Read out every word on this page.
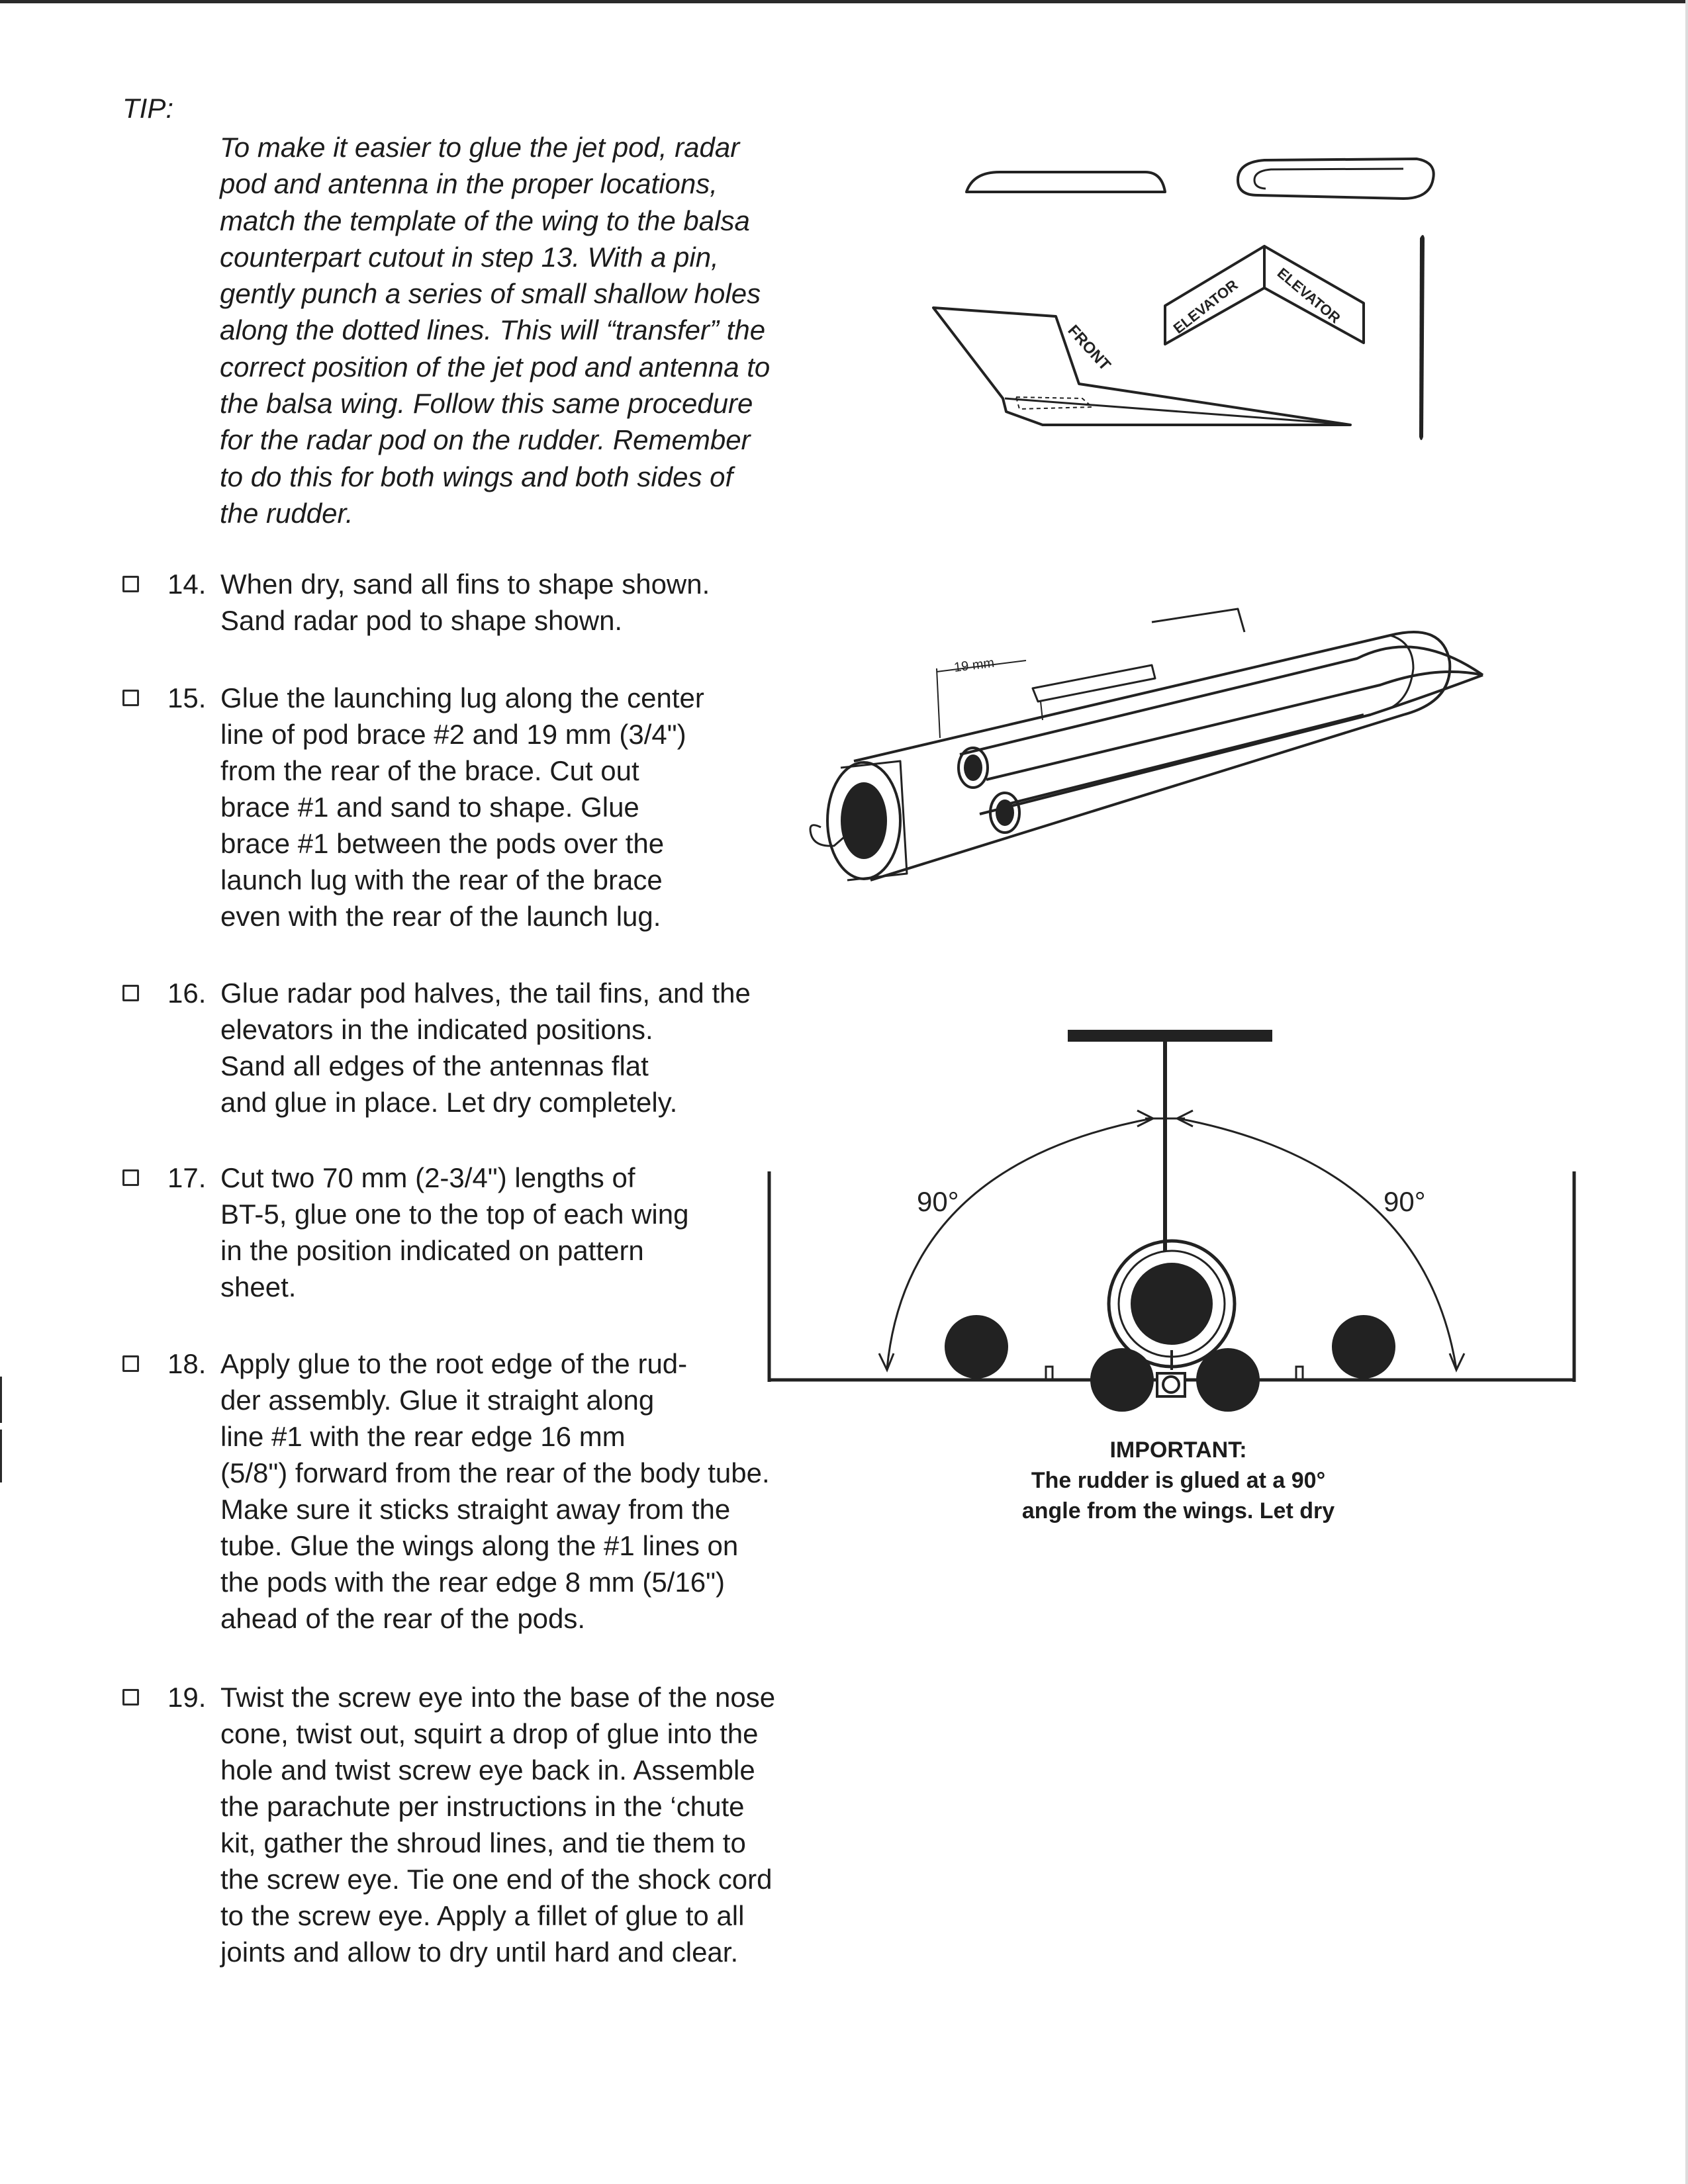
TIP:
To make it easier to glue the jet pod, radar
pod and antenna in the proper locations,
match the template of the wing to the balsa
counterpart cutout in step 13. With a pin,
gently punch a series of small shallow holes
along the dotted lines. This will “transfer” the
correct position of the jet pod and antenna to
the balsa wing. Follow this same procedure
for the radar pod on the rudder. Remember
to do this for both wings and both sides of
the rudder.
14. When dry, sand all fins to shape shown.
Sand radar pod to shape shown.
15. Glue the launching lug along the center
line of pod brace #2 and 19 mm (3/4")
from the rear of the brace. Cut out
brace #1 and sand to shape. Glue
brace #1 between the pods over the
launch lug with the rear of the brace
even with the rear of the launch lug.
16. Glue radar pod halves, the tail fins, and the
elevators in the indicated positions.
Sand all edges of the antennas flat
and glue in place. Let dry completely.
17. Cut two 70 mm (2-3/4") lengths of
BT-5, glue one to the top of each wing
in the position indicated on pattern
sheet.
18. Apply glue to the root edge of the rud-
der assembly. Glue it straight along
line #1 with the rear edge 16 mm
(5/8") forward from the rear of the body tube.
Make sure it sticks straight away from the
tube. Glue the wings along the #1 lines on
the pods with the rear edge 8 mm (5/16")
ahead of the rear of the pods.
19. Twist the screw eye into the base of the nose
cone, twist out, squirt a drop of glue into the
hole and twist screw eye back in. Assemble
the parachute per instructions in the ‘chute
kit, gather the shroud lines, and tie them to
the screw eye. Tie one end of the shock cord
to the screw eye. Apply a fillet of glue to all
joints and allow to dry until hard and clear.
FRONT
ELEVATOR ELEVATOR
19 mm
90°	90°
IMPORTANT:
The rudder is glued at a 90°
angle from the wings. Let dry
